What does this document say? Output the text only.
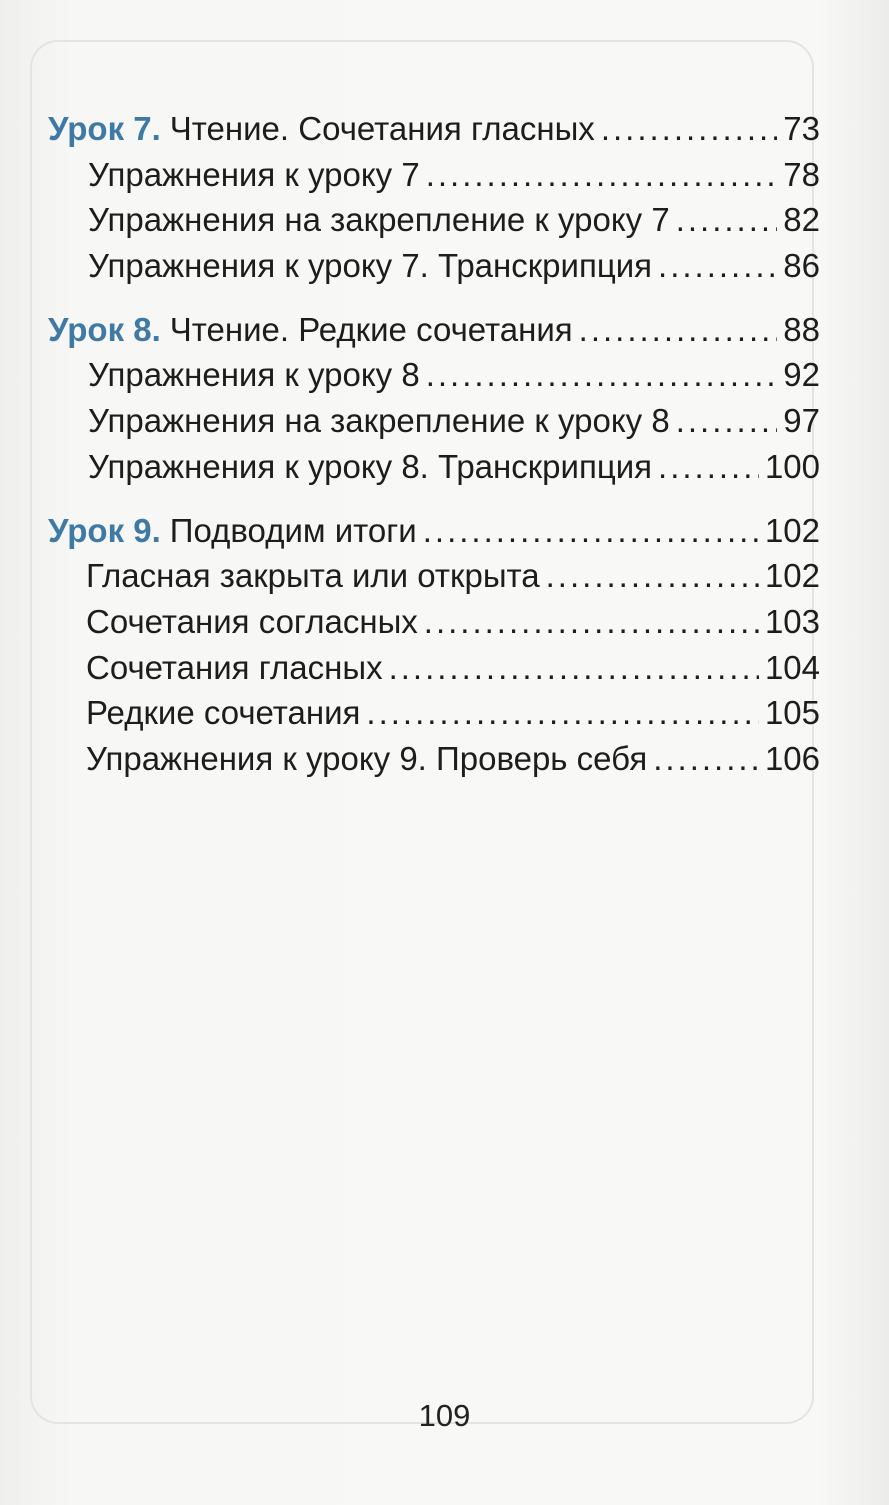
Урок 7. Чтение. Сочетания гласных .....	73
Упражнения к уроку 7 .....	78
Упражнения на закрепление к уроку 7 .....	82
Упражнения к уроку 7. Транскрипция .....	86
Урок 8. Чтение. Редкие сочетания .....	88
Упражнения к уроку 8 .....	92
Упражнения на закрепление к уроку 8 .....	97
Упражнения к уроку 8. Транскрипция .....	100
Урок 9. Подводим итоги .....	102
Гласная закрыта или открыта .....	102
Сочетания согласных .....	103
Сочетания гласных .....	104
Редкие сочетания .....	105
Упражнения к уроку 9. Проверь себя .....	106
109
